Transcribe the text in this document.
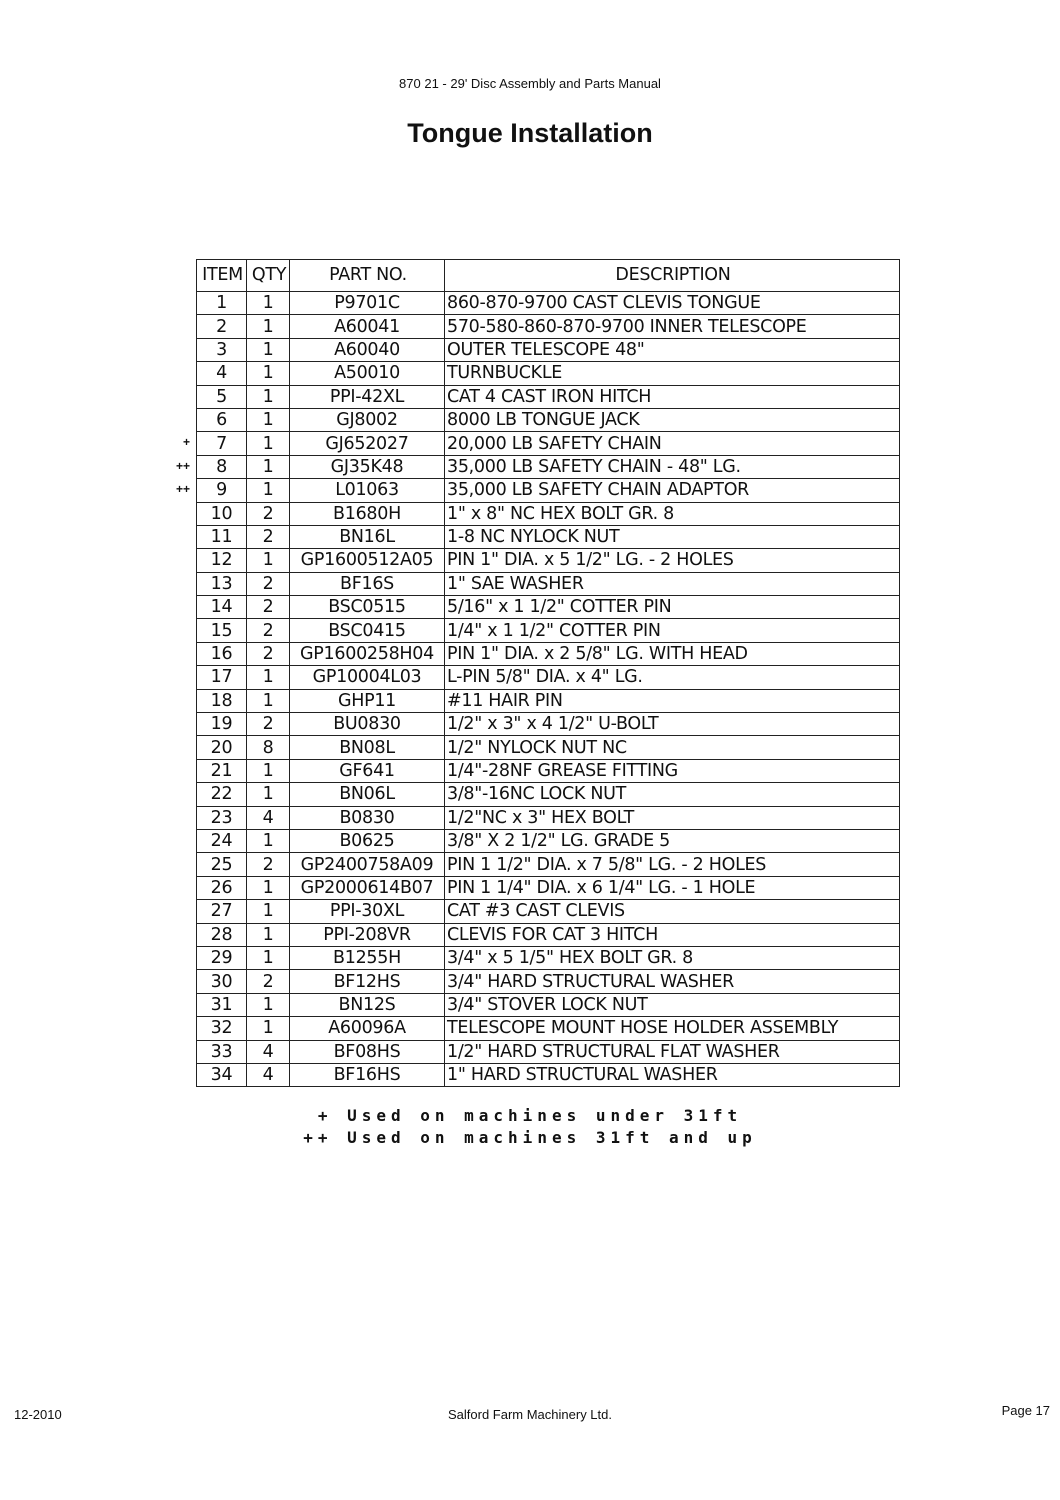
870 21 - 29' Disc Assembly and Parts Manual
Tongue Installation
+
++
++
ITEM	QTY	PART NO.	DESCRIPTION
1	1	P9701C	860-870-9700 CAST CLEVIS TONGUE
2	1	A60041	570-580-860-870-9700 INNER TELESCOPE
3	1	A60040	OUTER TELESCOPE 48"
4	1	A50010	TURNBUCKLE
5	1	PPI-42XL	CAT 4 CAST IRON HITCH
6	1	GJ8002	8000 LB TONGUE JACK
7	1	GJ652027	20,000 LB SAFETY CHAIN
8	1	GJ35K48	35,000 LB SAFETY CHAIN - 48" LG.
9	1	L01063	35,000 LB SAFETY CHAIN ADAPTOR
10	2	B1680H	1" x 8" NC HEX BOLT GR. 8
11	2	BN16L	1-8 NC NYLOCK NUT
12	1	GP1600512A05	PIN 1" DIA. x 5 1/2" LG. - 2 HOLES
13	2	BF16S	1" SAE WASHER
14	2	BSC0515	5/16" x 1 1/2" COTTER PIN
15	2	BSC0415	1/4" x 1 1/2" COTTER PIN
16	2	GP1600258H04	PIN 1" DIA. x 2 5/8" LG. WITH HEAD
17	1	GP10004L03	L-PIN 5/8" DIA. x 4" LG.
18	1	GHP11	#11 HAIR PIN
19	2	BU0830	1/2" x 3" x 4 1/2" U-BOLT
20	8	BN08L	1/2" NYLOCK NUT NC
21	1	GF641	1/4"-28NF GREASE FITTING
22	1	BN06L	3/8"-16NC LOCK NUT
23	4	B0830	1/2"NC x 3" HEX BOLT
24	1	B0625	3/8" X 2 1/2" LG. GRADE 5
25	2	GP2400758A09	PIN 1 1/2" DIA. x 7 5/8" LG. - 2 HOLES
26	1	GP2000614B07	PIN 1 1/4" DIA. x 6 1/4" LG. - 1 HOLE
27	1	PPI-30XL	CAT #3 CAST CLEVIS
28	1	PPI-208VR	CLEVIS FOR CAT 3 HITCH
29	1	B1255H	3/4" x 5 1/5" HEX BOLT GR. 8
30	2	BF12HS	3/4" HARD STRUCTURAL WASHER
31	1	BN12S	3/4" STOVER LOCK NUT
32	1	A60096A	TELESCOPE MOUNT HOSE HOLDER ASSEMBLY
33	4	BF08HS	1/2" HARD STRUCTURAL FLAT WASHER
34	4	BF16HS	1" HARD STRUCTURAL WASHER
+ Used on machines under 31ft
++ Used on machines 31ft and up
12-2010	Salford Farm Machinery Ltd.	Page 17
